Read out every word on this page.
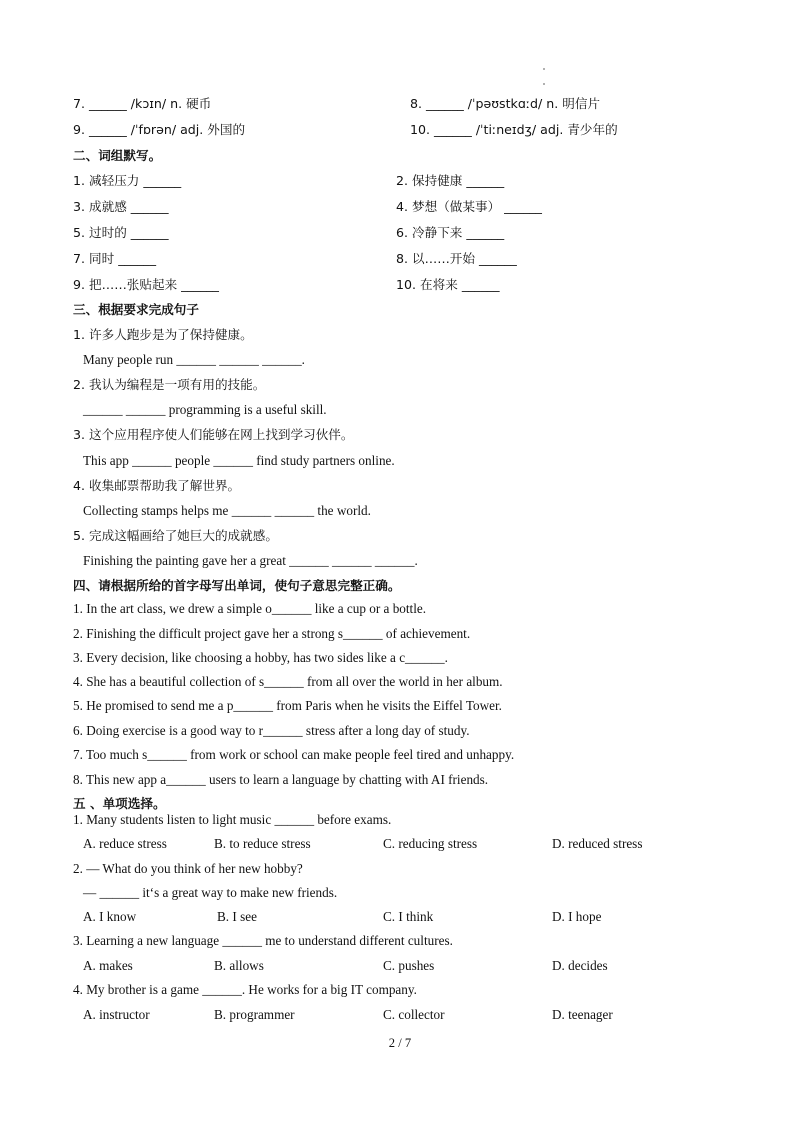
7. ______ /kɔɪn/ n. 硬币	8. ______ /ˈpəʊstkɑːd/ n. 明信片
9. ______ /ˈfɒrən/ adj. 外国的	10. ______ /ˈtiːneɪdʒ/ adj. 青少年的
二、词组默写。
1. 减轻压力 ______	2. 保持健康 ______
3. 成就感 ______	4. 梦想（做某事） ______
5. 过时的 ______	6. 冷静下来 ______
7. 同时 ______	8. 以……开始 ______
9. 把……张贴起来 ______	10. 在将来 ______
三、根据要求完成句子
1. 许多人跑步是为了保持健康。
Many people run ______ ______ ______.
2. 我认为编程是一项有用的技能。
______ ______ programming is a useful skill.
3. 这个应用程序使人们能够在网上找到学习伙伴。
This app ______ people ______ find study partners online.
4. 收集邮票帮助我了解世界。
Collecting stamps helps me ______ ______ the world.
5. 完成这幅画给了她巨大的成就感。
Finishing the painting gave her a great ______ ______ ______.
四、请根据所给的首字母写出单词，使句子意思完整正确。
1. In the art class, we drew a simple o______ like a cup or a bottle.
2. Finishing the difficult project gave her a strong s______ of achievement.
3. Every decision, like choosing a hobby, has two sides like a c______.
4. She has a beautiful collection of s______ from all over the world in her album.
5. He promised to send me a p______ from Paris when he visits the Eiffel Tower.
6. Doing exercise is a good way to r______ stress after a long day of study.
7. Too much s______ from work or school can make people feel tired and unhappy.
8. This new app a______ users to learn a language by chatting with AI friends.
五 、单项选择。
1. Many students listen to light music ______ before exams.
A. reduce stress	B. to reduce stress	C. reducing stress	D. reduced stress
2. — What do you think of her new hobby?
— ______ it‘s a great way to make new friends.
A. I know	B. I see	C. I think	D. I hope
3. Learning a new language ______ me to understand different cultures.
A. makes	B. allows	C. pushes	D. decides
4. My brother is a game ______. He works for a big IT company.
A. instructor	B. programmer	C. collector	D. teenager
2 / 7
